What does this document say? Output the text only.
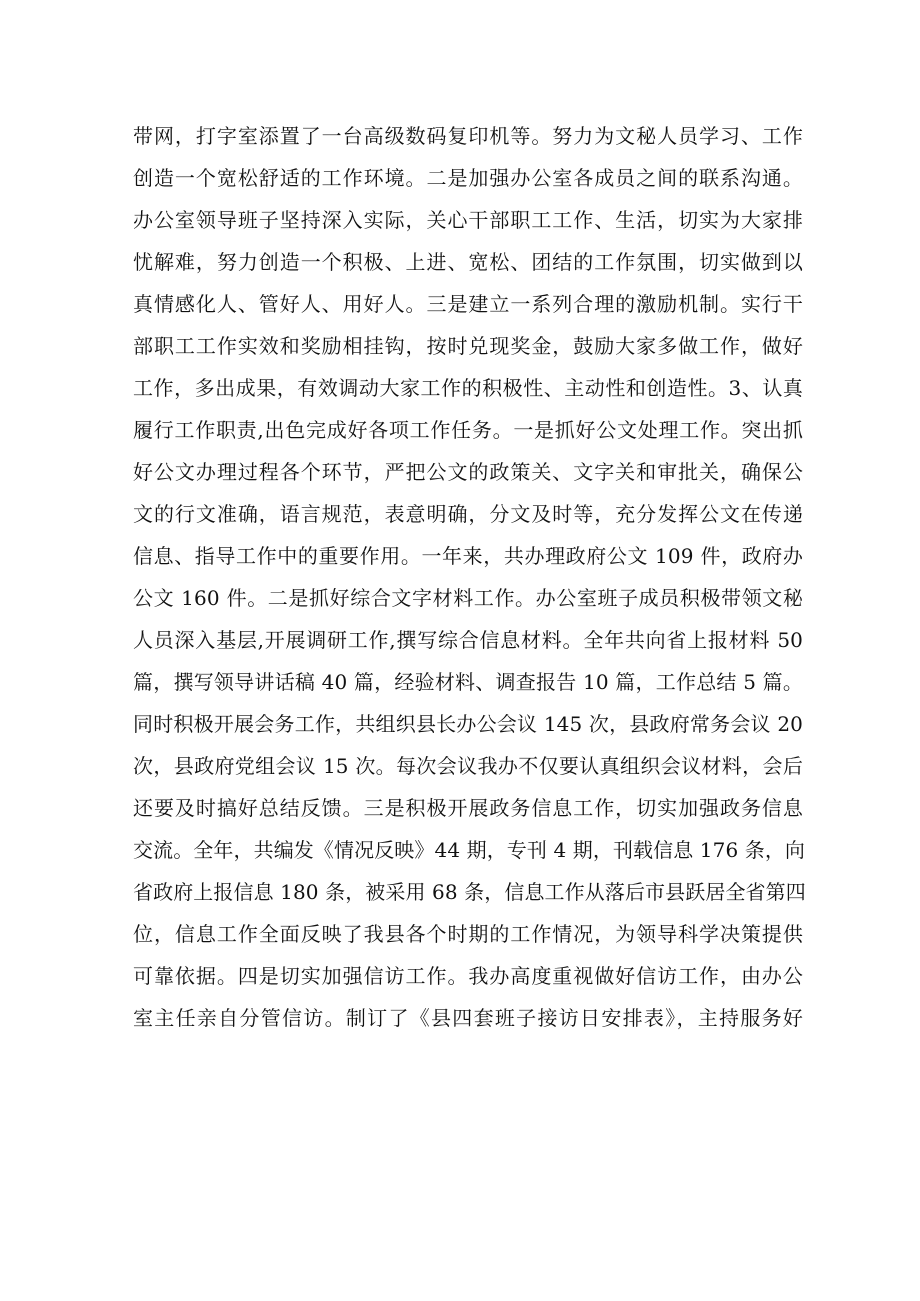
带网，打字室添置了一台高级数码复印机等。努力为文秘人员学习、工作
创造一个宽松舒适的工作环境。二是加强办公室各成员之间的联系沟通。
办公室领导班子坚持深入实际，关心干部职工工作、生活，切实为大家排
忧解难，努力创造一个积极、上进、宽松、团结的工作氛围，切实做到以
真情感化人、管好人、用好人。三是建立一系列合理的激励机制。实行干
部职工工作实效和奖励相挂钩，按时兑现奖金，鼓励大家多做工作，做好
工作，多出成果，有效调动大家工作的积极性、主动性和创造性。3、认真
履行工作职责,出色完成好各项工作任务。一是抓好公文处理工作。突出抓
好公文办理过程各个环节，严把公文的政策关、文字关和审批关，确保公
文的行文准确，语言规范，表意明确，分文及时等，充分发挥公文在传递
信息、指导工作中的重要作用。一年来，共办理政府公文 109 件，政府办
公文 160 件。二是抓好综合文字材料工作。办公室班子成员积极带领文秘
人员深入基层,开展调研工作,撰写综合信息材料。全年共向省上报材料 50
篇，撰写领导讲话稿 40 篇，经验材料、调查报告 10 篇，工作总结 5 篇。
同时积极开展会务工作，共组织县长办公会议 145 次，县政府常务会议 20
次，县政府党组会议 15 次。每次会议我办不仅要认真组织会议材料，会后
还要及时搞好总结反馈。三是积极开展政务信息工作，切实加强政务信息
交流。全年，共编发《情况反映》44 期，专刊 4 期，刊载信息 176 条，向
省政府上报信息 180 条，被采用 68 条，信息工作从落后市县跃居全省第四
位，信息工作全面反映了我县各个时期的工作情况，为领导科学决策提供
可靠依据。四是切实加强信访工作。我办高度重视做好信访工作，由办公
室主任亲自分管信访。制订了《县四套班子接访日安排表》，主持服务好
